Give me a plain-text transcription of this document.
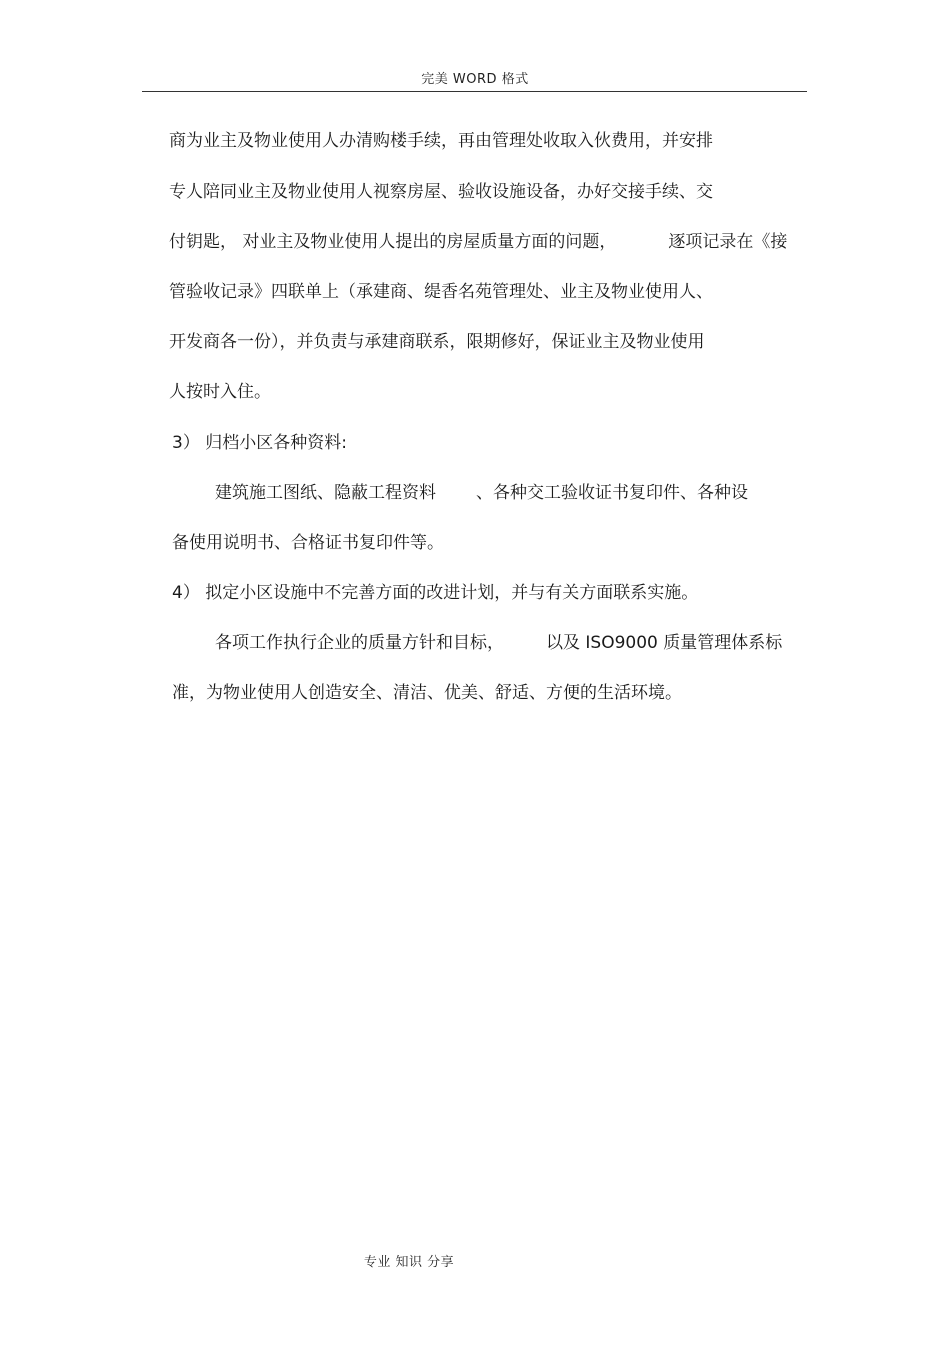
完美 WORD 格式
商为业主及物业使用人办清购楼手续，再由管理处收取入伙费用，并安排
专人陪同业主及物业使用人视察房屋、验收设施设备，办好交接手续、交
付钥匙， 对业主及物业使用人提出的房屋质量方面的问题，	逐项记录在《接
管验收记录》四联单上（承建商、缇香名苑管理处、业主及物业使用人、
开发商各一份），并负责与承建商联系，限期修好，保证业主及物业使用
人按时入住。
3） 归档小区各种资料:
建筑施工图纸、隐蔽工程资料 、各种交工验收证书复印件、各种设
备使用说明书、合格证书复印件等。
4） 拟定小区设施中不完善方面的改进计划，并与有关方面联系实施。
各项工作执行企业的质量方针和目标， 以及 ISO9000 质量管理体系标
准，为物业使用人创造安全、清洁、优美、舒适、方便的生活环境。
专业 知识 分享
